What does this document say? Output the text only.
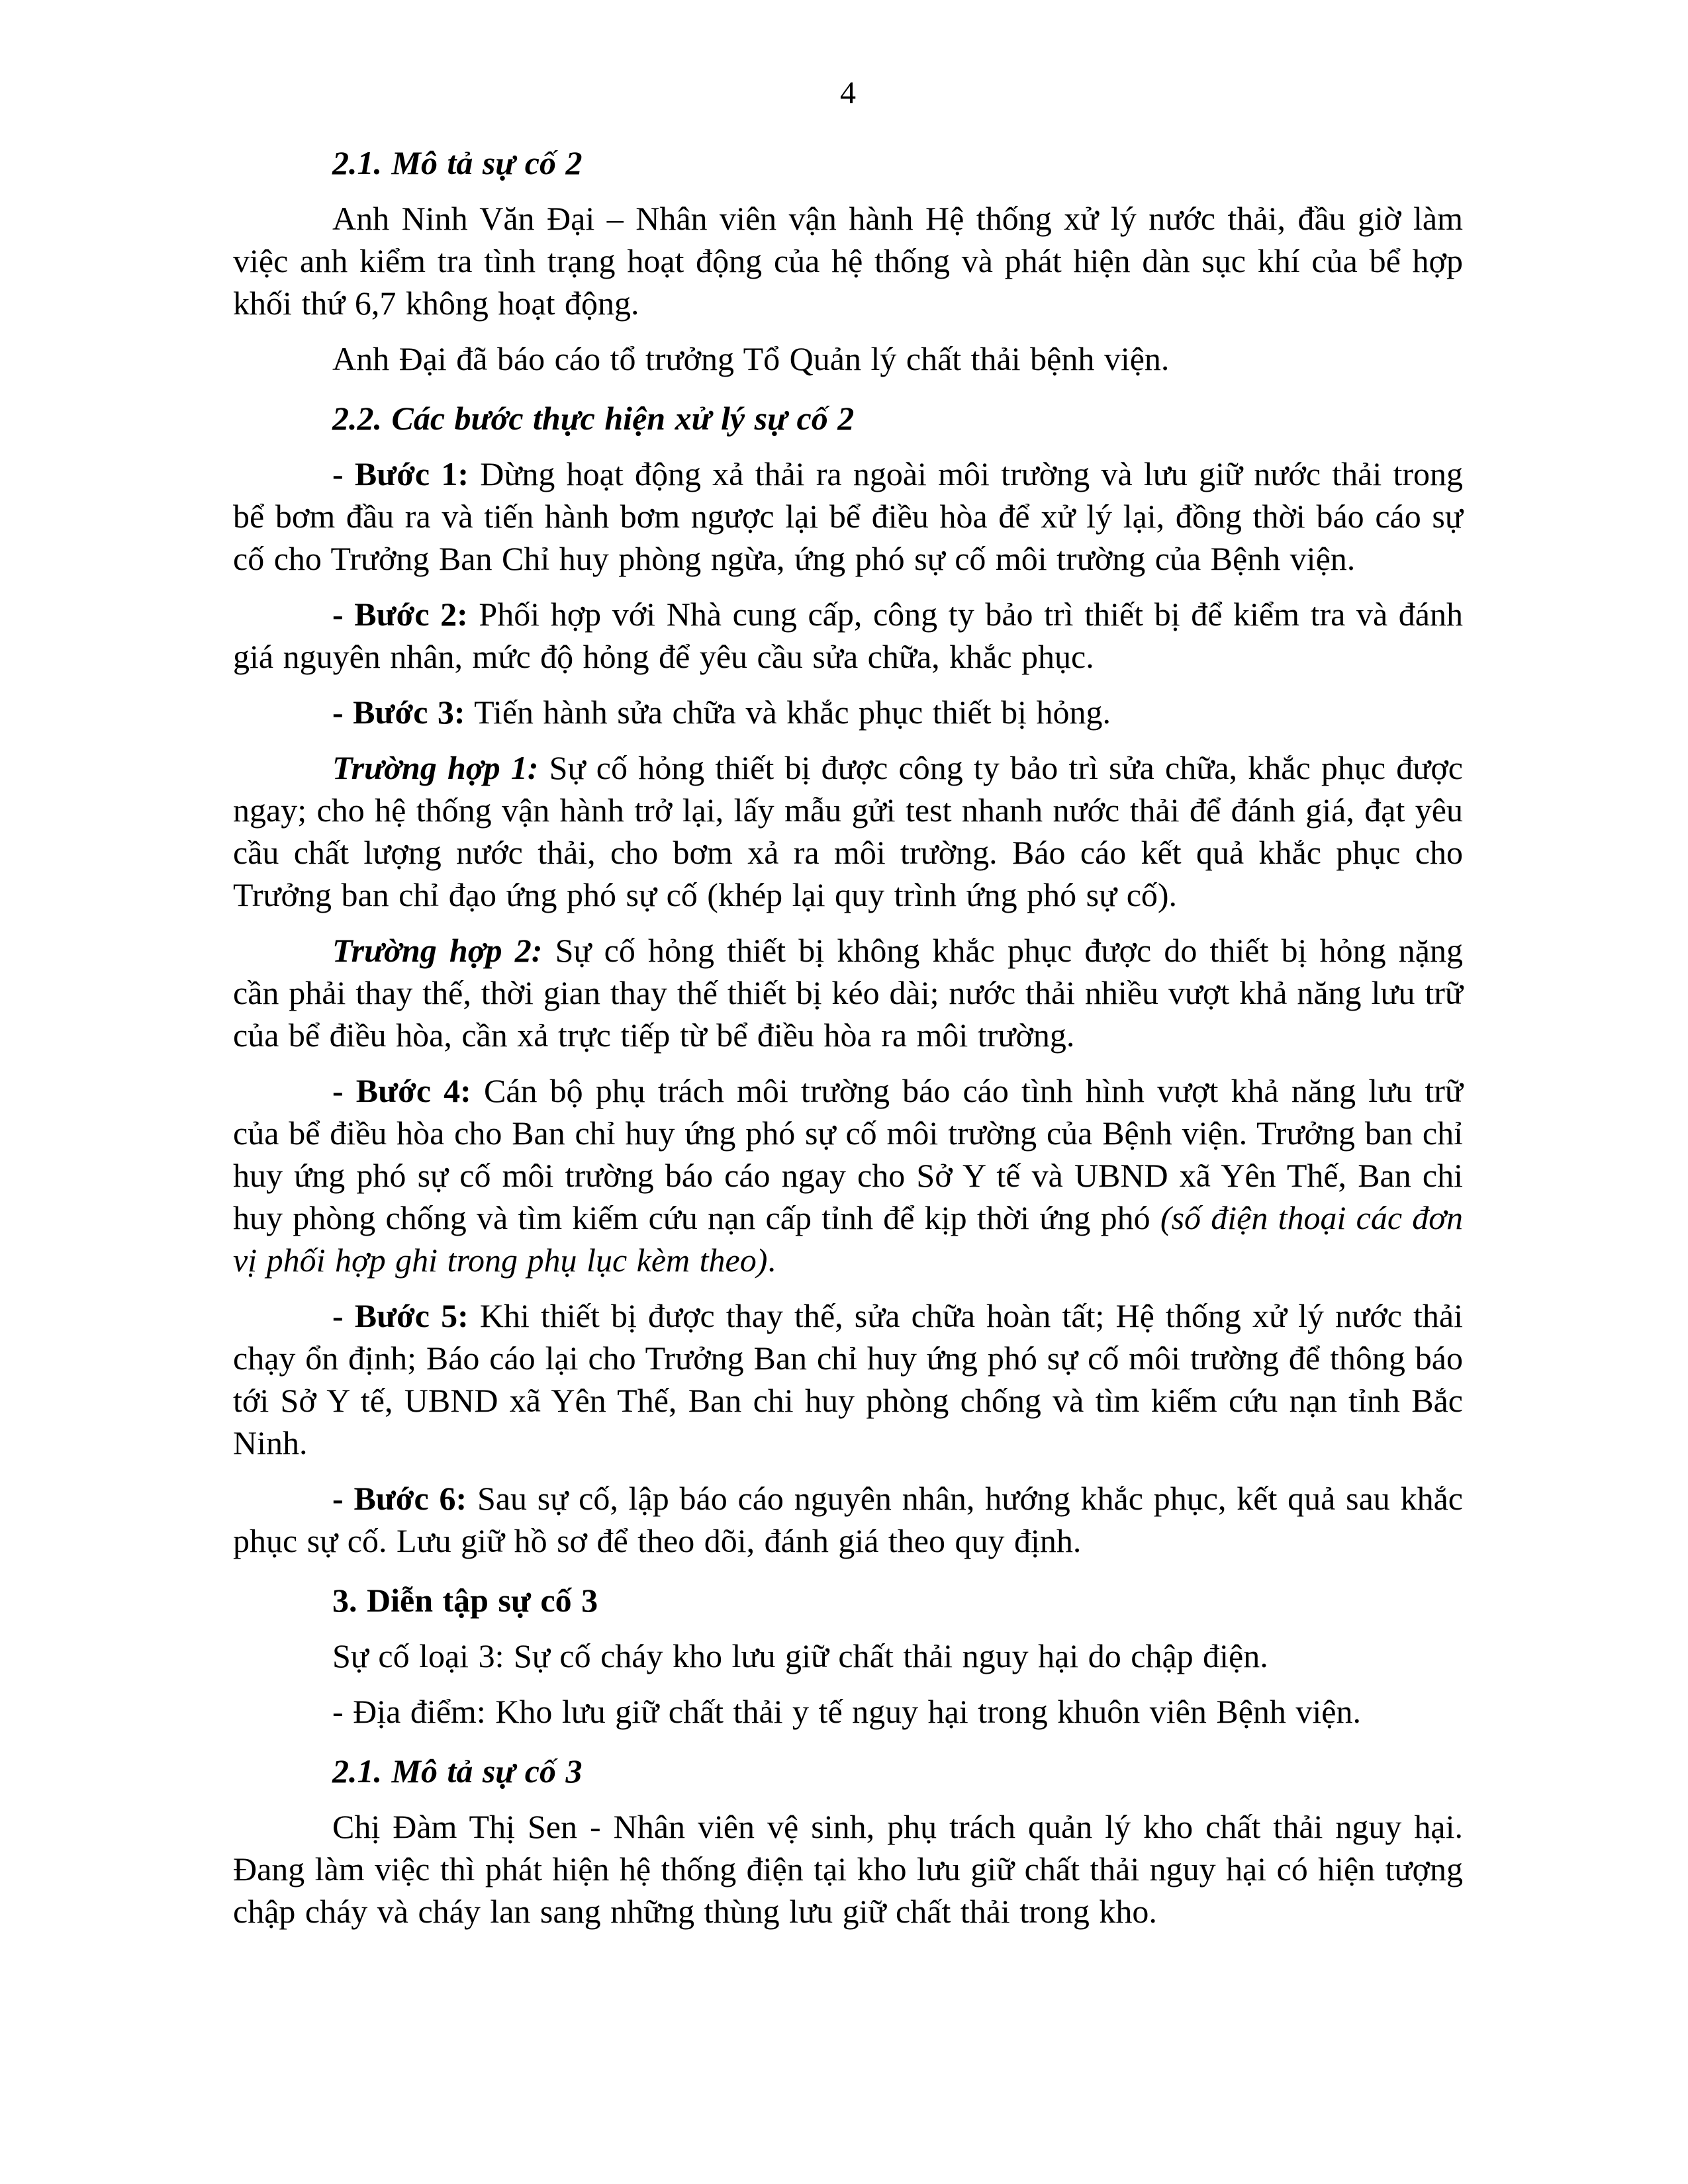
4
2.1. Mô tả sự cố 2

Anh Ninh Văn Đại – Nhân viên vận hành Hệ thống xử lý nước thải, đầu giờ làm việc anh kiểm tra tình trạng hoạt động của hệ thống và phát hiện dàn sục khí của bể hợp khối thứ 6,7 không hoạt động.

Anh Đại đã báo cáo tổ trưởng Tổ Quản lý chất thải bệnh viện.

2.2. Các bước thực hiện xử lý sự cố 2

- Bước 1: Dừng hoạt động xả thải ra ngoài môi trường và lưu giữ nước thải trong bể bơm đầu ra và tiến hành bơm ngược lại bể điều hòa để xử lý lại, đồng thời báo cáo sự cố cho Trưởng Ban Chỉ huy phòng ngừa, ứng phó sự cố môi trường của Bệnh viện.

- Bước 2: Phối hợp với Nhà cung cấp, công ty bảo trì thiết bị để kiểm tra và đánh giá nguyên nhân, mức độ hỏng để yêu cầu sửa chữa, khắc phục.

- Bước 3: Tiến hành sửa chữa và khắc phục thiết bị hỏng.

Trường hợp 1: Sự cố hỏng thiết bị được công ty bảo trì sửa chữa, khắc phục được ngay; cho hệ thống vận hành trở lại, lấy mẫu gửi test nhanh nước thải để đánh giá, đạt yêu cầu chất lượng nước thải, cho bơm xả ra môi trường. Báo cáo kết quả khắc phục cho Trưởng ban chỉ đạo ứng phó sự cố (khép lại quy trình ứng phó sự cố).

Trường hợp 2: Sự cố hỏng thiết bị không khắc phục được do thiết bị hỏng nặng cần phải thay thế, thời gian thay thế thiết bị kéo dài; nước thải nhiều vượt khả năng lưu trữ của bể điều hòa, cần xả trực tiếp từ bể điều hòa ra môi trường.

- Bước 4: Cán bộ phụ trách môi trường báo cáo tình hình vượt khả năng lưu trữ của bể điều hòa cho Ban chỉ huy ứng phó sự cố môi trường của Bệnh viện. Trưởng ban chỉ huy ứng phó sự cố môi trường báo cáo ngay cho Sở Y tế và UBND xã Yên Thế, Ban chi huy phòng chống và tìm kiếm cứu nạn cấp tỉnh để kịp thời ứng phó (số điện thoại các đơn vị phối hợp ghi trong phụ lục kèm theo).

- Bước 5: Khi thiết bị được thay thế, sửa chữa hoàn tất; Hệ thống xử lý nước thải chạy ổn định; Báo cáo lại cho Trưởng Ban chỉ huy ứng phó sự cố môi trường để thông báo tới Sở Y tế, UBND xã Yên Thế, Ban chi huy phòng chống và tìm kiếm cứu nạn tỉnh Bắc Ninh.

- Bước 6: Sau sự cố, lập báo cáo nguyên nhân, hướng khắc phục, kết quả sau khắc phục sự cố. Lưu giữ hồ sơ để theo dõi, đánh giá theo quy định.

3. Diễn tập sự cố 3

Sự cố loại 3: Sự cố cháy kho lưu giữ chất thải nguy hại do chập điện.

- Địa điểm: Kho lưu giữ chất thải y tế nguy hại trong khuôn viên Bệnh viện.

2.1. Mô tả sự cố 3

Chị Đàm Thị Sen - Nhân viên vệ sinh, phụ trách quản lý kho chất thải nguy hại. Đang làm việc thì phát hiện hệ thống điện tại kho lưu giữ chất thải nguy hại có hiện tượng chập cháy và cháy lan sang những thùng lưu giữ chất thải trong kho.
